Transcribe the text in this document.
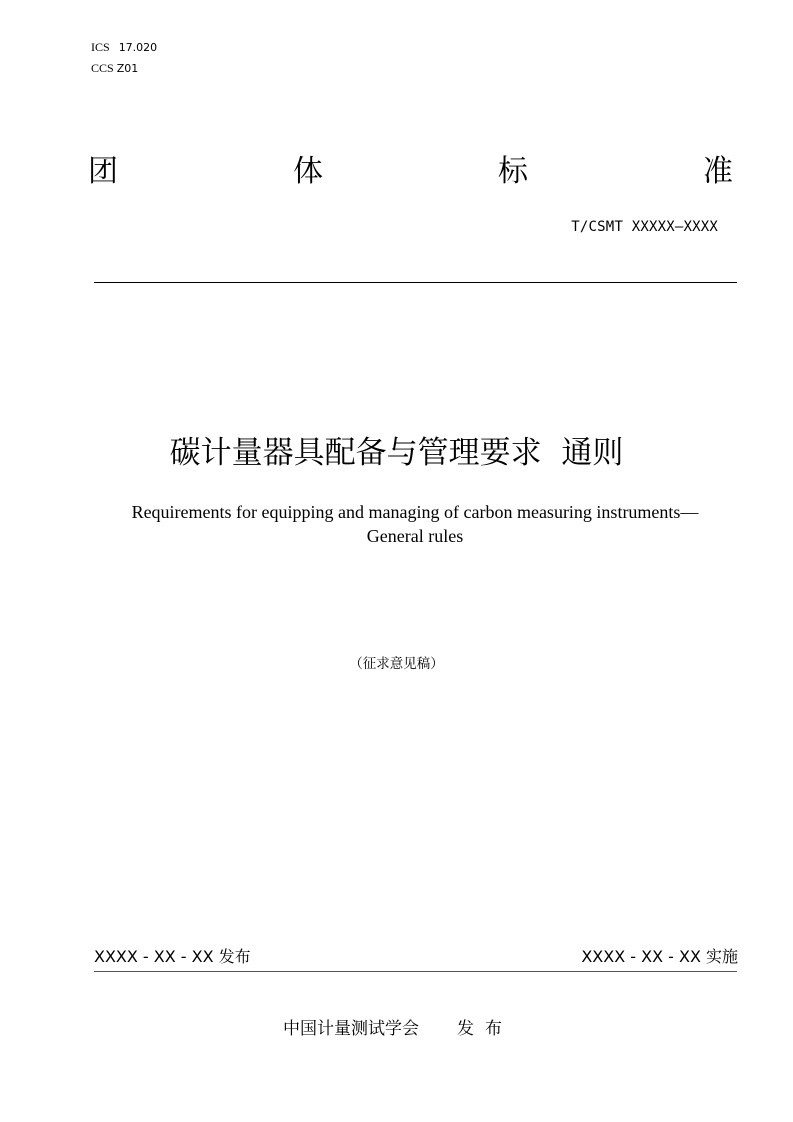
ICS 17.020
CCS Z01
团	体	标	准
T/CSMT XXXXX—XXXX
碳计量器具配备与管理要求  通则
Requirements for equipping and managing of carbon measuring instruments—
General rules
（征求意见稿）
XXXX - XX - XX 发布	XXXX - XX - XX 实施
中国计量测试学会 发布
